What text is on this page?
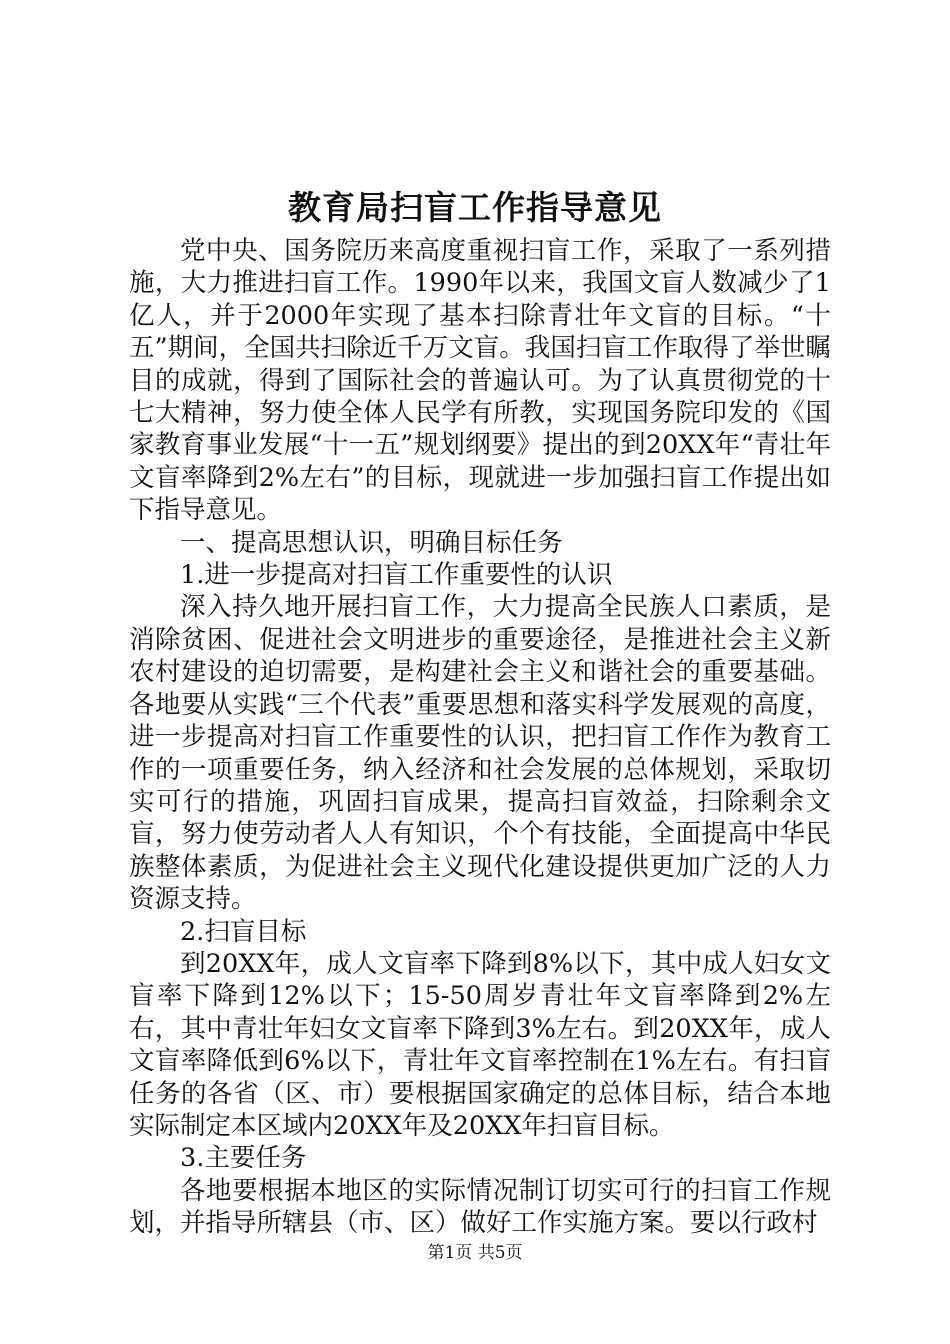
教育局扫盲工作指导意见

党中央、国务院历来高度重视扫盲工作，采取了一系列措施，大力推进扫盲工作。1990年以来，我国文盲人数减少了1亿人，并于2000年实现了基本扫除青壮年文盲的目标。“十五”期间，全国共扫除近千万文盲。我国扫盲工作取得了举世瞩目的成就，得到了国际社会的普遍认可。为了认真贯彻党的十七大精神，努力使全体人民学有所教，实现国务院印发的《国家教育事业发展“十一五”规划纲要》提出的到20XX年“青壮年文盲率降到2%左右”的目标，现就进一步加强扫盲工作提出如下指导意见。

一、提高思想认识，明确目标任务

1.进一步提高对扫盲工作重要性的认识

深入持久地开展扫盲工作，大力提高全民族人口素质，是消除贫困、促进社会文明进步的重要途径，是推进社会主义新农村建设的迫切需要，是构建社会主义和谐社会的重要基础。各地要从实践“三个代表”重要思想和落实科学发展观的高度，进一步提高对扫盲工作重要性的认识，把扫盲工作作为教育工作的一项重要任务，纳入经济和社会发展的总体规划，采取切实可行的措施，巩固扫盲成果，提高扫盲效益，扫除剩余文盲，努力使劳动者人人有知识，个个有技能，全面提高中华民族整体素质，为促进社会主义现代化建设提供更加广泛的人力资源支持。

2.扫盲目标

到20XX年，成人文盲率下降到8%以下，其中成人妇女文盲率下降到12%以下；15-50周岁青壮年文盲率降到2%左右，其中青壮年妇女文盲率下降到3%左右。到20XX年，成人文盲率降低到6%以下，青壮年文盲率控制在1%左右。有扫盲任务的各省（区、市）要根据国家确定的总体目标，结合本地实际制定本区域内20XX年及20XX年扫盲目标。

3.主要任务

各地要根据本地区的实际情况制订切实可行的扫盲工作规划，并指导所辖县（市、区）做好工作实施方案。要以行政村

第1页 共5页
